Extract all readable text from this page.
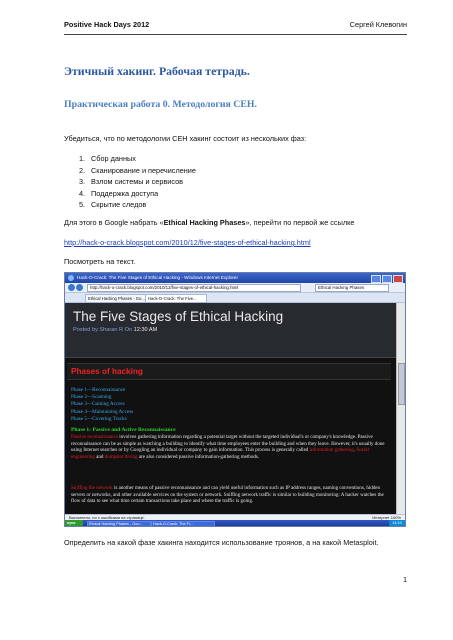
Positive Hack Days 2012	Сергей Клевогин
Этичный хакинг. Рабочая тетрадь.
Практическая работа 0. Методология CEH.
Убедиться, что по методологии CEH хакинг состоит из нескольких фаз:
1. Сбор данных
2. Сканирование и перечисление
3. Взлом системы и сервисов
4. Поддержка доступа
5. Скрытие следов
Для этого в Google набрать «Ethical Hacking Phases», перейти по первой же ссылке
http://hack-o-crack.blogspot.com/2010/12/five-stages-of-ethical-hacking.html
Посмотреть на текст.
Hack-O-Crack: The Five Stages of Ethical Hacking - Windows Internet Explorer
http://hack-o-crack.blogspot.com/2010/12/five-stages-of-ethical-hacking.html	Ethical Hacking Phases
Ethical Hacking Phases - Go... Hack-O-Crack: The Five...
The Five Stages of Ethical Hacking
Posted by Sharan R On 12:30 AM
Phases of hacking
Phase 1—Reconnaissance
Phase 2—Scanning
Phase 3—Gaining Access
Phase 4—Maintaining Access
Phase 5—Covering Tracks
Phase 1: Passive and Active Reconnaissance
Passive reconnaissance involves gathering information regarding a potential target without the targeted individual's or company's knowledge. Passive reconnaissance can be as simple as watching a building to identify what time employees enter the building and when they leave. However, it's usually done using Internet searches or by Googling an individual or company to gain information. This process is generally called information gathering. Social engineering and dumpster diving are also considered passive information-gathering methods.
Sniffing the network is another means of passive reconnaissance and can yield useful information such as IP address ranges, naming conventions, hidden servers or networks, and other available services on the system or network. Sniffing network traffic is similar to building monitoring: A hacker watches the flow of data to see what time certain transactions take place and where the traffic is going.
Выполнено, но с ошибками на странице.	Интернет 100%
пуск	Ethical Hacking Phases - Goo...	Hack-O-Crack: The Fi...	14:10
Определить на какой фазе хакинга находится использование троянов, а на какой Metasploit.
1
